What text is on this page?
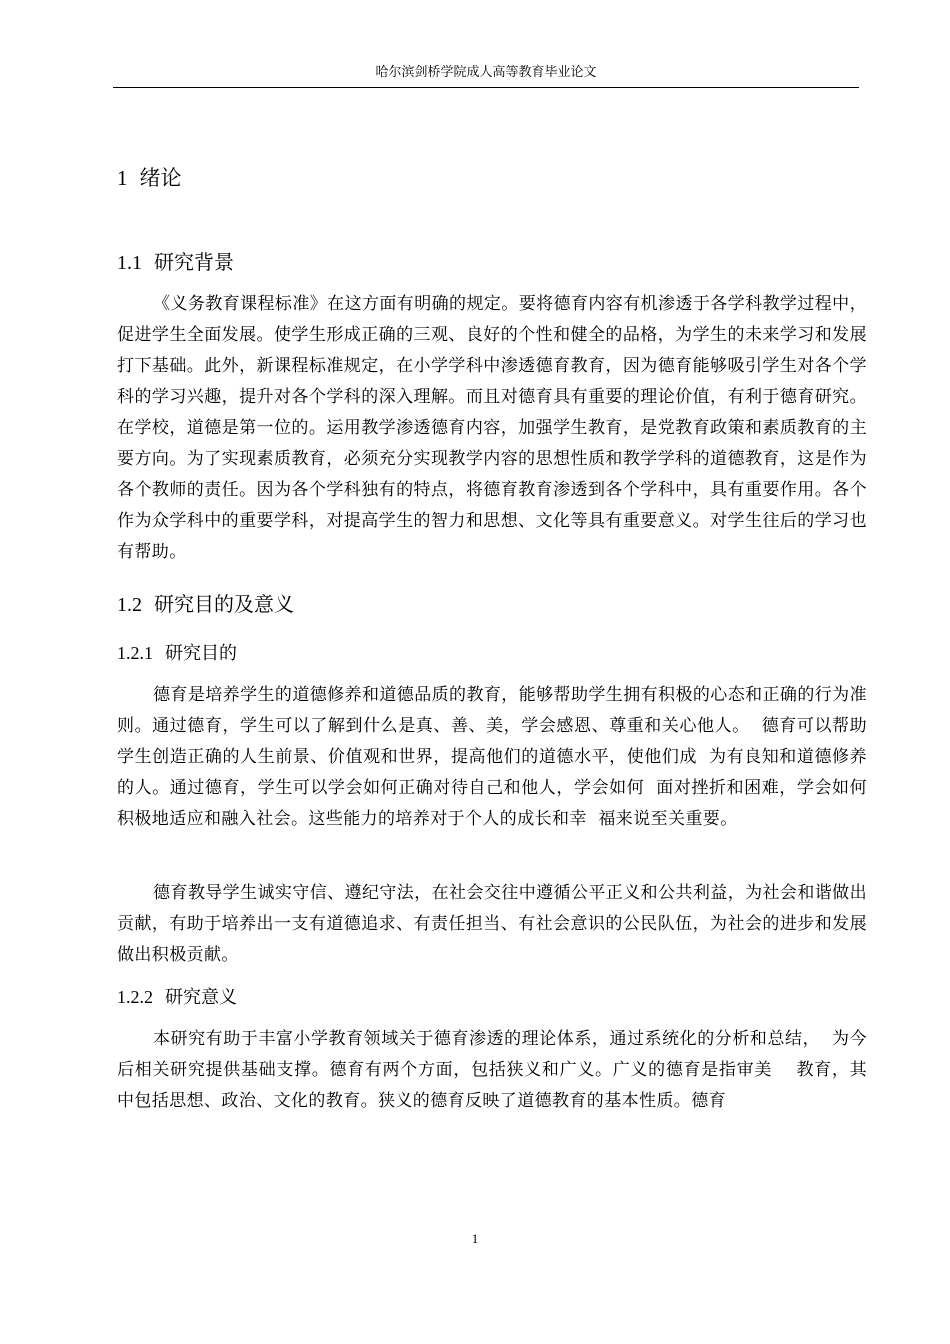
哈尔滨剑桥学院成人高等教育毕业论文
1 绪论
1.1 研究背景

《义务教育课程标准》在这方面有明确的规定。要将德育内容有机渗透于各学科教学过程中，促进学生全面发展。使学生形成正确的三观、良好的个性和健全的品格，为学生的未来学习和发展打下基础。此外，新课程标准规定，在小学学科中渗透德育教育，因为德育能够吸引学生对各个学科的学习兴趣，提升对各个学科的深入理解。而且对德育具有重要的理论价值，有利于德育研究。在学校，道德是第一位的。运用教学渗透德育内容，加强学生教育，是党教育政策和素质教育的主要方向。为了实现素质教育，必须充分实现教学内容的思想性质和教学学科的道德教育，这是作为各个教师的责任。因为各个学科独有的特点，将德育教育渗透到各个学科中，具有重要作用。各个作为众学科中的重要学科，对提高学生的智力和思想、文化等具有重要意义。对学生往后的学习也有帮助。

1.2 研究目的及意义
1.2.1 研究目的

德育是培养学生的道德修养和道德品质的教育，能够帮助学生拥有积极的心态和正确的行为准则。通过德育，学生可以了解到什么是真、善、美，学会感恩、尊重和关心他人。  德育可以帮助学生创造正确的人生前景、价值观和世界，提高他们的道德水平，使他们成  为有良知和道德修养的人。通过德育，学生可以学会如何正确对待自己和他人，学会如何  面对挫折和困难，学会如何积极地适应和融入社会。这些能力的培养对于个人的成长和幸  福来说至关重要。

德育教导学生诚实守信、遵纪守法，在社会交往中遵循公平正义和公共利益，为社会和谐做出贡献，有助于培养出一支有道德追求、有责任担当、有社会意识的公民队伍，为社会的进步和发展做出积极贡献。

1.2.2 研究意义

本研究有助于丰富小学教育领域关于德育渗透的理论体系，通过系统化的分析和总结，  为今后相关研究提供基础支撑。德育有两个方面，包括狭义和广义。广义的德育是指审美    教育，其中包括思想、政治、文化的教育。狭义的德育反映了道德教育的基本性质。德育

1
